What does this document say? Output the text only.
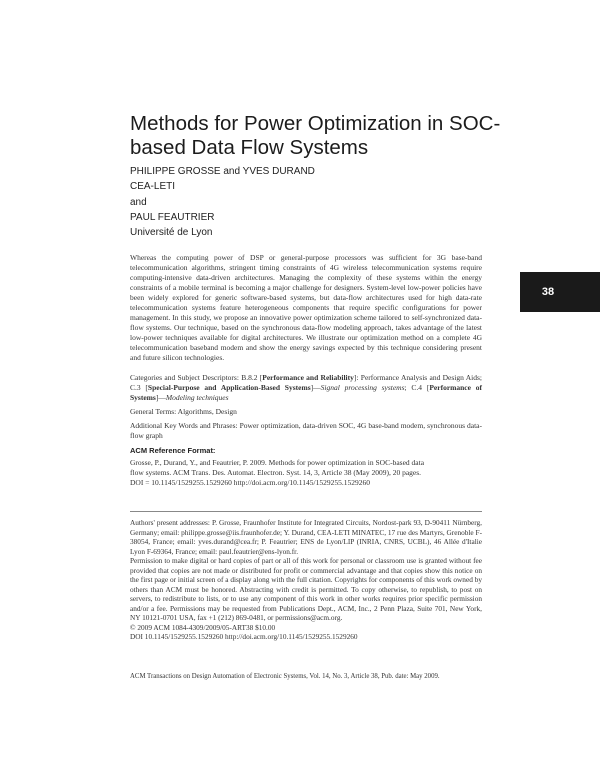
Methods for Power Optimization in SOC-based Data Flow Systems
PHILIPPE GROSSE and YVES DURAND
CEA-LETI
and
PAUL FEAUTRIER
Université de Lyon
38
Whereas the computing power of DSP or general-purpose processors was sufficient for 3G base-band telecommunication algorithms, stringent timing constraints of 4G wireless telecommunication systems require computing-intensive data-driven architectures. Managing the complexity of these systems within the energy constraints of a mobile terminal is becoming a major challenge for designers. System-level low-power policies have been widely explored for generic software-based systems, but data-flow architectures used for high data-rate telecommunication systems feature heterogeneous components that require specific configurations for power management. In this study, we propose an innovative power optimization scheme tailored to self-synchronized data-flow systems. Our technique, based on the synchronous data-flow modeling approach, takes advantage of the latest low-power techniques available for digital architectures. We illustrate our optimization method on a complete 4G telecommunication baseband modem and show the energy savings expected by this technique considering present and future silicon technologies.
Categories and Subject Descriptors: B.8.2 [Performance and Reliability]: Performance Analysis and Design Aids; C.3 [Special-Purpose and Application-Based Systems]—Signal processing systems; C.4 [Performance of Systems]—Modeling techniques
General Terms: Algorithms, Design
Additional Key Words and Phrases: Power optimization, data-driven SOC, 4G base-band modem, synchronous data-flow graph
ACM Reference Format:
Grosse, P., Durand, Y., and Feautrier, P. 2009. Methods for power optimization in SOC-based data
flow systems. ACM Trans. Des. Automat. Electron. Syst. 14, 3, Article 38 (May 2009), 20 pages.
DOI = 10.1145/1529255.1529260 http://doi.acm.org/10.1145/1529255.1529260
Authors' present addresses: P. Grosse, Fraunhofer Institute for Integrated Circuits, Nordost-park 93, D-90411 Nürnberg, Germany; email: philippe.grosse@iis.fraunhofer.de; Y. Durand, CEA-LETI MINATEC, 17 rue des Martyrs, Grenoble F-38054, France; email: yves.durand@cea.fr; P. Feautrier; ENS de Lyon/LIP (INRIA, CNRS, UCBL), 46 Allée d'Italie Lyon F-69364, France; email: paul.feautrier@ens-lyon.fr.
Permission to make digital or hard copies of part or all of this work for personal or classroom use is granted without fee provided that copies are not made or distributed for profit or commercial advantage and that copies show this notice on the first page or initial screen of a display along with the full citation. Copyrights for components of this work owned by others than ACM must be honored. Abstracting with credit is permitted. To copy otherwise, to republish, to post on servers, to redistribute to lists, or to use any component of this work in other works requires prior specific permission and/or a fee. Permissions may be requested from Publications Dept., ACM, Inc., 2 Penn Plaza, Suite 701, New York, NY 10121-0701 USA, fax +1 (212) 869-0481, or permissions@acm.org.
© 2009 ACM 1084-4309/2009/05-ART38 $10.00
DOI 10.1145/1529255.1529260 http://doi.acm.org/10.1145/1529255.1529260
ACM Transactions on Design Automation of Electronic Systems, Vol. 14, No. 3, Article 38, Pub. date: May 2009.
